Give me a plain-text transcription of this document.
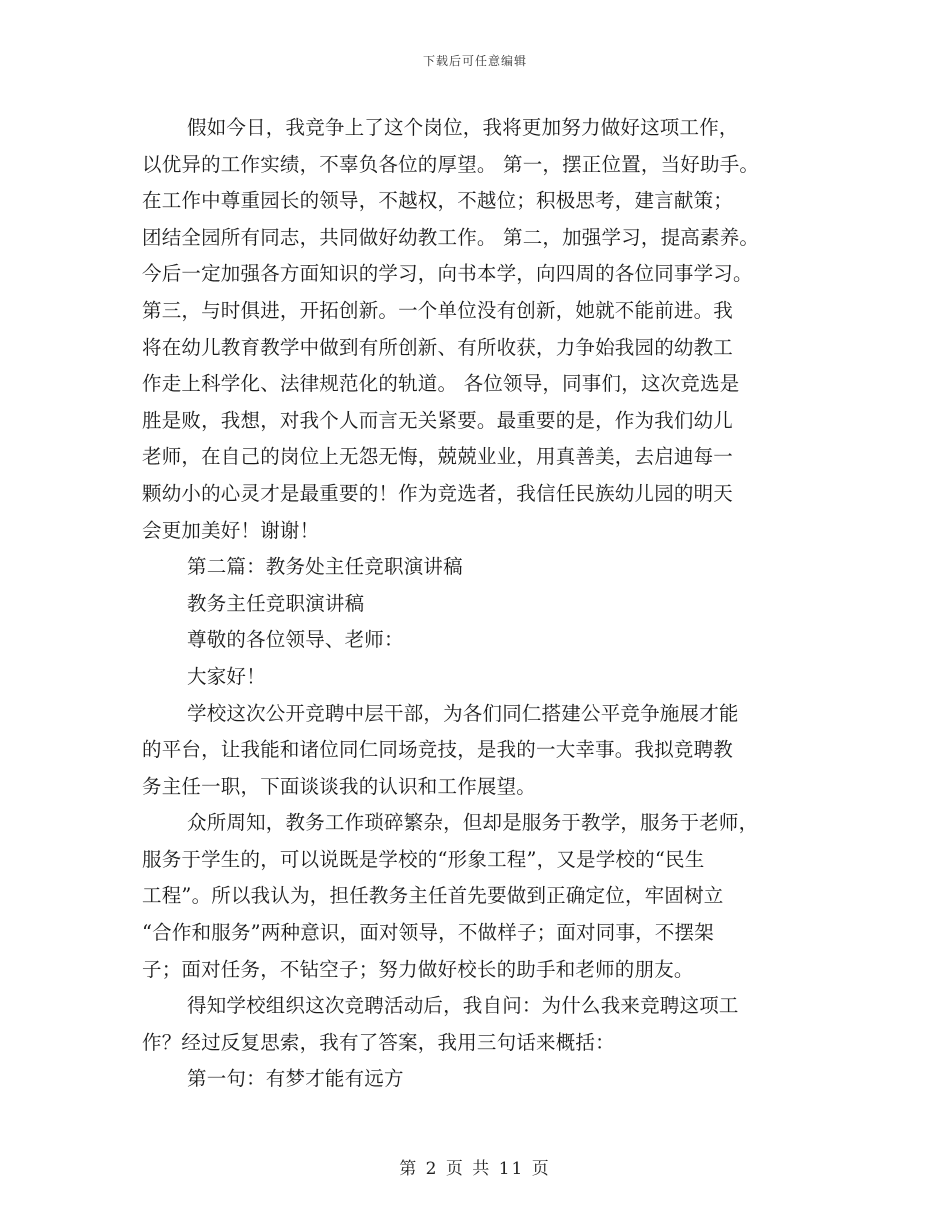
下载后可任意编辑
假如今日，我竞争上了这个岗位，我将更加努力做好这项工作，
以优异的工作实绩，不辜负各位的厚望。 第一，摆正位置，当好助手。
在工作中尊重园长的领导，不越权，不越位；积极思考，建言献策；
团结全园所有同志，共同做好幼教工作。 第二，加强学习，提高素养。
今后一定加强各方面知识的学习，向书本学，向四周的各位同事学习。
第三，与时俱进，开拓创新。一个单位没有创新，她就不能前进。我
将在幼儿教育教学中做到有所创新、有所收获，力争始我园的幼教工
作走上科学化、法律规范化的轨道。 各位领导，同事们，这次竞选是
胜是败，我想，对我个人而言无关紧要。最重要的是，作为我们幼儿
老师，在自己的岗位上无怨无悔，兢兢业业，用真善美，去启迪每一
颗幼小的心灵才是最重要的！作为竞选者，我信任民族幼儿园的明天
会更加美好！谢谢！
第二篇：教务处主任竞职演讲稿
教务主任竞职演讲稿
尊敬的各位领导、老师：
大家好！
学校这次公开竞聘中层干部，为各们同仁搭建公平竞争施展才能
的平台，让我能和诸位同仁同场竞技，是我的一大幸事。我拟竞聘教
务主任一职，下面谈谈我的认识和工作展望。
众所周知，教务工作琐碎繁杂，但却是服务于教学，服务于老师，
服务于学生的，可以说既是学校的“形象工程”，又是学校的“民生
工程”。所以我认为，担任教务主任首先要做到正确定位，牢固树立
“合作和服务”两种意识，面对领导，不做样子；面对同事，不摆架
子；面对任务，不钻空子；努力做好校长的助手和老师的朋友。
得知学校组织这次竞聘活动后，我自问：为什么我来竞聘这项工
作？经过反复思索，我有了答案，我用三句话来概括：
第一句：有梦才能有远方
第 2 页 共 11 页
